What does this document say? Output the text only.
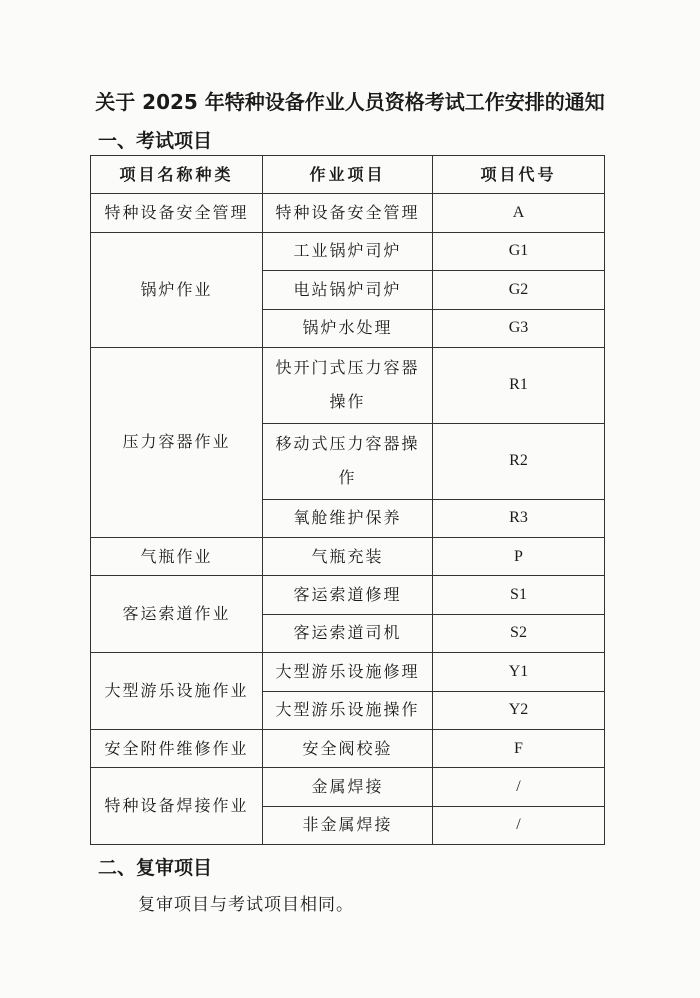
关于 2025 年特种设备作业人员资格考试工作安排的通知
一、考试项目
项目名称种类	作业项目	项目代号
特种设备安全管理	特种设备安全管理	A
锅炉作业	工业锅炉司炉	G1
	电站锅炉司炉	G2
	锅炉水处理	G3
压力容器作业	快开门式压力容器操作	R1

	移动式压力容器操作	R2
	氧舱维护保养	R3
气瓶作业	气瓶充装	P
客运索道作业	客运索道修理	S1
	客运索道司机	S2
大型游乐设施作业	大型游乐设施修理	Y1
	大型游乐设施操作	Y2
安全附件维修作业	安全阀校验	F
特种设备焊接作业	金属焊接	/
	非金属焊接	/
二、复审项目
复审项目与考试项目相同。
